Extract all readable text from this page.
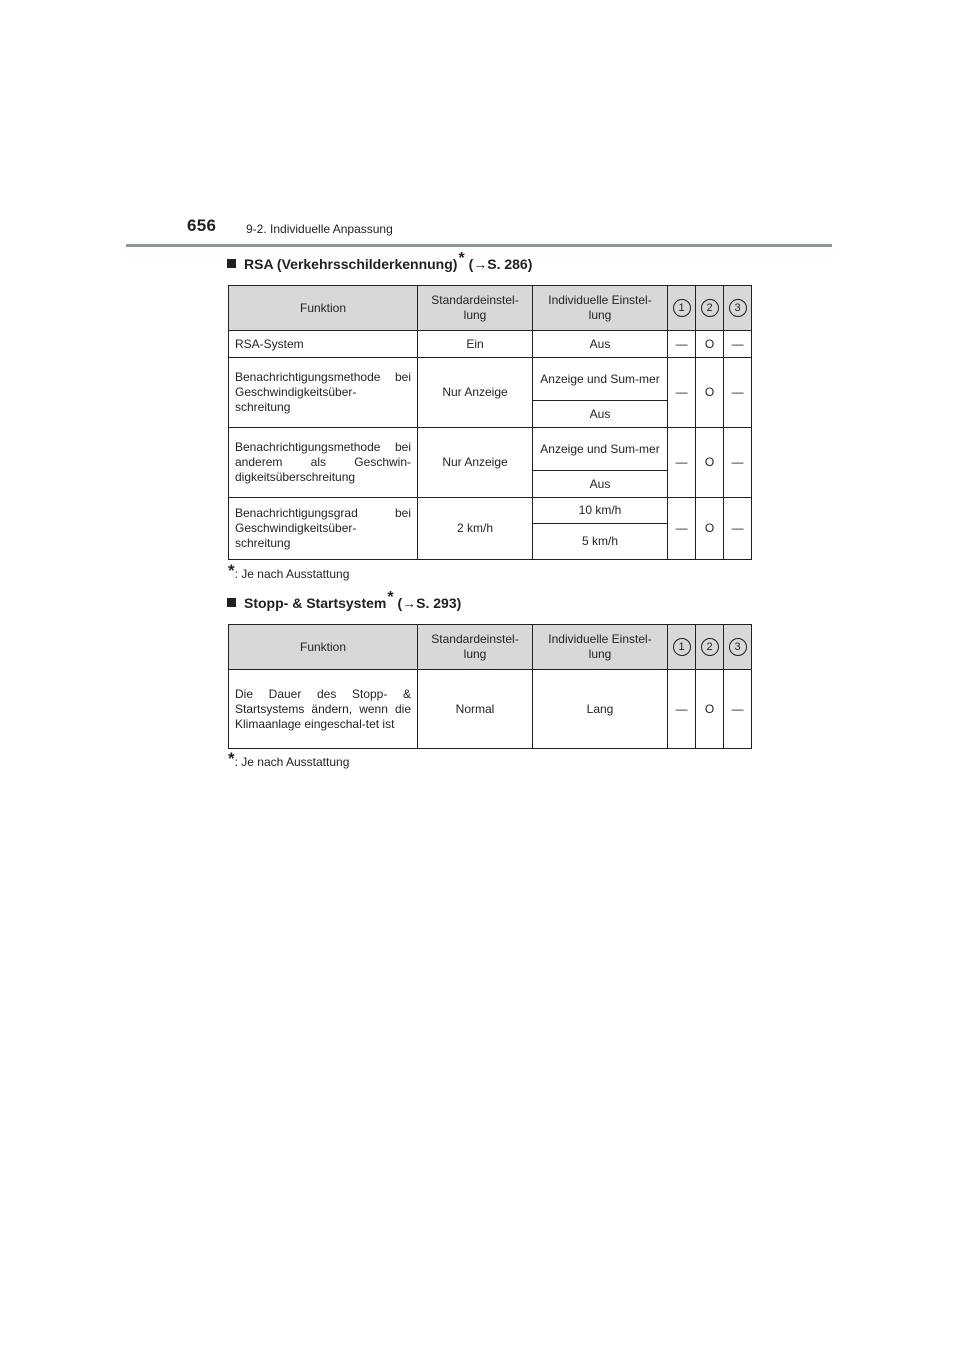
656 9-2. Individuelle Anpassung
RSA (Verkehrsschilderkennung)* (→S. 286)
Funktion	Standardeinstel-lung	Individuelle Einstel-lung	1	2	3
RSA-System	Ein	Aus	—	O	—
Benachrichtigungsmethode bei Geschwindigkeitsüber-schreitung	Nur Anzeige	Anzeige und Sum-mer	—	O	—
		Aus			
Benachrichtigungsmethode bei anderem als Geschwin-digkeitsüberschreitung	Nur Anzeige	Anzeige und Sum-mer	—	O	—
		Aus			
Benachrichtigungsgrad bei Geschwindigkeitsüber-schreitung	2 km/h	10 km/h	—	O	—
		5 km/h			
*: Je nach Ausstattung
Stopp- & Startsystem* (→S. 293)
Funktion	Standardeinstel-lung	Individuelle Einstel-lung	1	2	3
Die Dauer des Stopp- & Startsystems ändern, wenn die Klimaanlage eingeschal-tet ist	Normal	Lang	—	O	—
*: Je nach Ausstattung
